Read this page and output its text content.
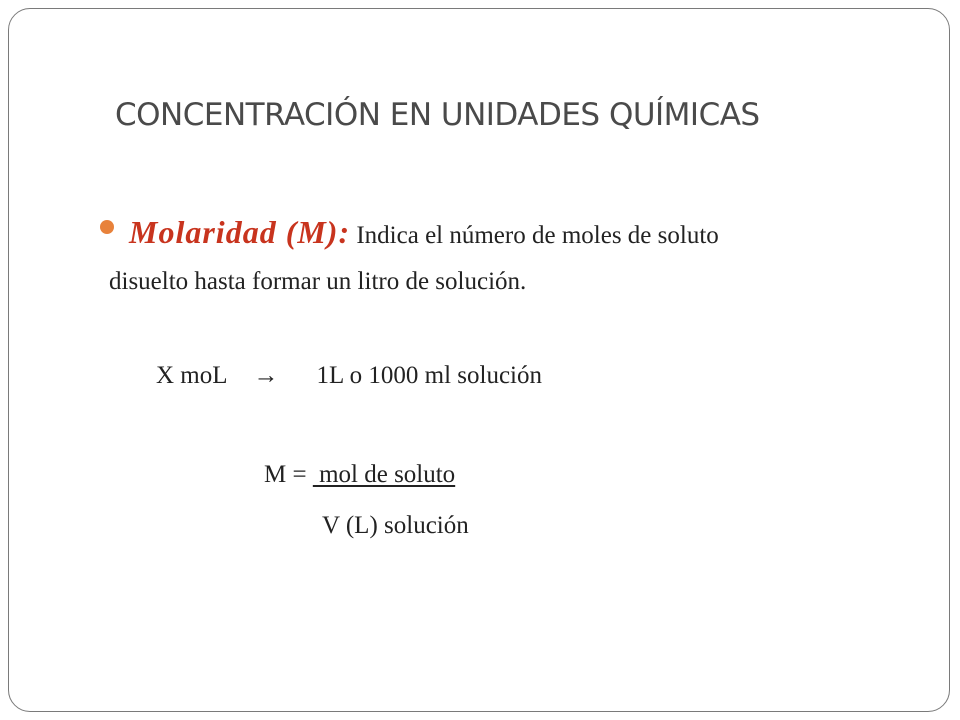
CONCENTRACIÓN EN UNIDADES QUÍMICAS
Molaridad (M): Indica el número de moles de soluto
disuelto hasta formar un litro de solución.
X moL → 1L o 1000 ml solución
M =  mol de soluto
V (L) solución
